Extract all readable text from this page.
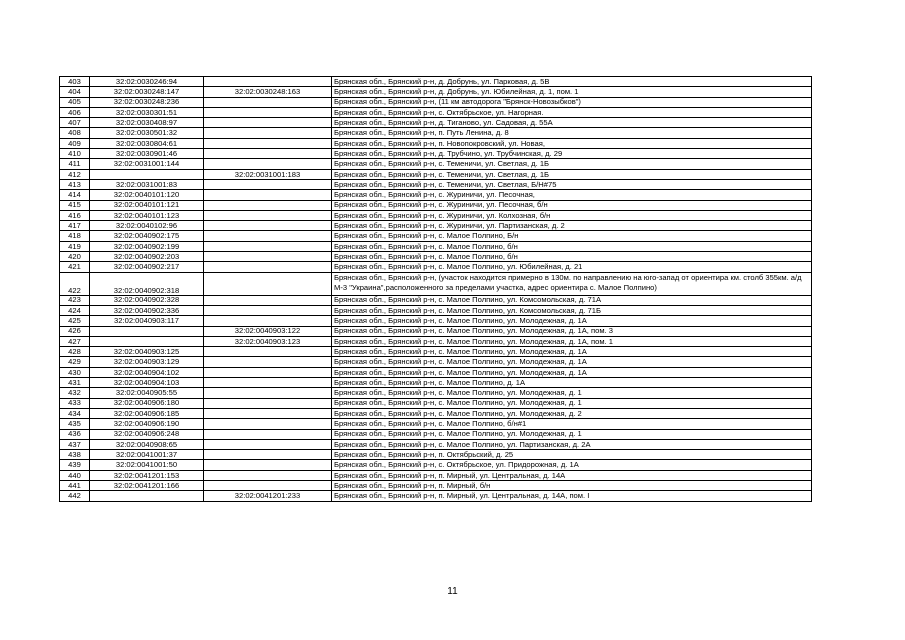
403	32:02:0030246:94		Брянская обл., Брянский р-н, д. Добрунь, ул. Парковая, д. 5В
404	32:02:0030248:147	32:02:0030248:163	Брянская обл., Брянский р-н, д. Добрунь, ул. Юбилейная, д. 1, пом. 1
405	32:02:0030248:236		Брянская обл., Брянский р-н, (11 км автодорога "Брянск-Новозыбков")
406	32:02:0030301:51		Брянская обл., Брянский р-н, с. Октябрьское, ул. Нагорная.
407	32:02:0030408:97		Брянская обл., Брянский р-н, д. Тиганово, ул. Садовая, д. 55А
408	32:02:0030501:32		Брянская обл., Брянский р-н, п. Путь Ленина, д. 8
409	32:02:0030804:61		Брянская обл., Брянский р-н, п. Новопокровский, ул. Новая,
410	32:02:0030901:46		Брянская обл., Брянский р-н, д. Трубчино, ул. Трубчинская, д. 29
411	32:02:0031001:144		Брянская обл., Брянский р-н, с. Теменичи, ул. Светлая, д. 1Б
412		32:02:0031001:183	Брянская обл., Брянский р-н, с. Теменичи, ул. Светлая, д. 1Б
413	32:02:0031001:83		Брянская обл., Брянский р-н, с. Теменичи, ул. Светлая, Б/Н#75
414	32:02:0040101:120		Брянская обл., Брянский р-н, с. Журиничи, ул. Песочная,
415	32:02:0040101:121		Брянская обл., Брянский р-н, с. Журиничи, ул. Песочная, б/н
416	32:02:0040101:123		Брянская обл., Брянский р-н, с. Журиничи, ул. Колхозная, б/н
417	32:02:0040102:96		Брянская обл., Брянский р-н, с. Журиничи, ул. Партизанская, д. 2
418	32:02:0040902:175		Брянская обл., Брянский р-н, с. Малое Полпино, Б/н
419	32:02:0040902:199		Брянская обл., Брянский р-н, с. Малое Полпино, б/н
420	32:02:0040902:203		Брянская обл., Брянский р-н, с. Малое Полпино, б/н
421	32:02:0040902:217		Брянская обл., Брянский р-н, с. Малое Полпино, ул. Юбилейная, д. 21
422	32:02:0040902:318		Брянская обл., Брянский р-н, (участок находится примерно в 130м. по направлению на юго-запад от ориентира км. столб 355км. а/д М-3 "Украина",расположенного за пределами участка, адрес ориентира с. Малое Полпино)
423	32:02:0040902:328		Брянская обл., Брянский р-н, с. Малое Полпино, ул. Комсомольская, д. 71А
424	32:02:0040902:336		Брянская обл., Брянский р-н, с. Малое Полпино, ул. Комсомольская, д. 71Б
425	32:02:0040903:117		Брянская обл., Брянский р-н, с. Малое Полпино, ул. Молодежная, д. 1А
426		32:02:0040903:122	Брянская обл., Брянский р-н, с. Малое Полпино, ул. Молодежная, д. 1А, пом. 3
427		32:02:0040903:123	Брянская обл., Брянский р-н, с. Малое Полпино, ул. Молодежная, д. 1А, пом. 1
428	32:02:0040903:125		Брянская обл., Брянский р-н, с. Малое Полпино, ул. Молодежная, д. 1А
429	32:02:0040903:129		Брянская обл., Брянский р-н, с. Малое Полпино, ул. Молодежная, д. 1А
430	32:02:0040904:102		Брянская обл., Брянский р-н, с. Малое Полпино, ул. Молодежная, д. 1А
431	32:02:0040904:103		Брянская обл., Брянский р-н, с. Малое Полпино, д. 1А
432	32:02:0040905:55		Брянская обл., Брянский р-н, с. Малое Полпино, ул. Молодежная, д. 1
433	32:02:0040906:180		Брянская обл., Брянский р-н, с. Малое Полпино, ул. Молодежная, д. 1
434	32:02:0040906:185		Брянская обл., Брянский р-н, с. Малое Полпино, ул. Молодежная, д. 2
435	32:02:0040906:190		Брянская обл., Брянский р-н, с. Малое Полпино, б/н#1
436	32:02:0040906:248		Брянская обл., Брянский р-н, с. Малое Полпино, ул. Молодежная, д. 1
437	32:02:0040908:65		Брянская обл., Брянский р-н, с. Малое Полпино, ул. Партизанская, д. 2А
438	32:02:0041001:37		Брянская обл., Брянский р-н, п. Октябрьский, д. 25
439	32:02:0041001:50		Брянская обл., Брянский р-н, с. Октябрьское, ул. Придорожная, д. 1А
440	32:02:0041201:153		Брянская обл., Брянский р-н, п. Мирный, ул. Центральная, д. 14А
441	32:02:0041201:166		Брянская обл., Брянский р-н, п. Мирный, б/н
442		32:02:0041201:233	Брянская обл., Брянский р-н, п. Мирный, ул. Центральная, д. 14А, пом. I
11
